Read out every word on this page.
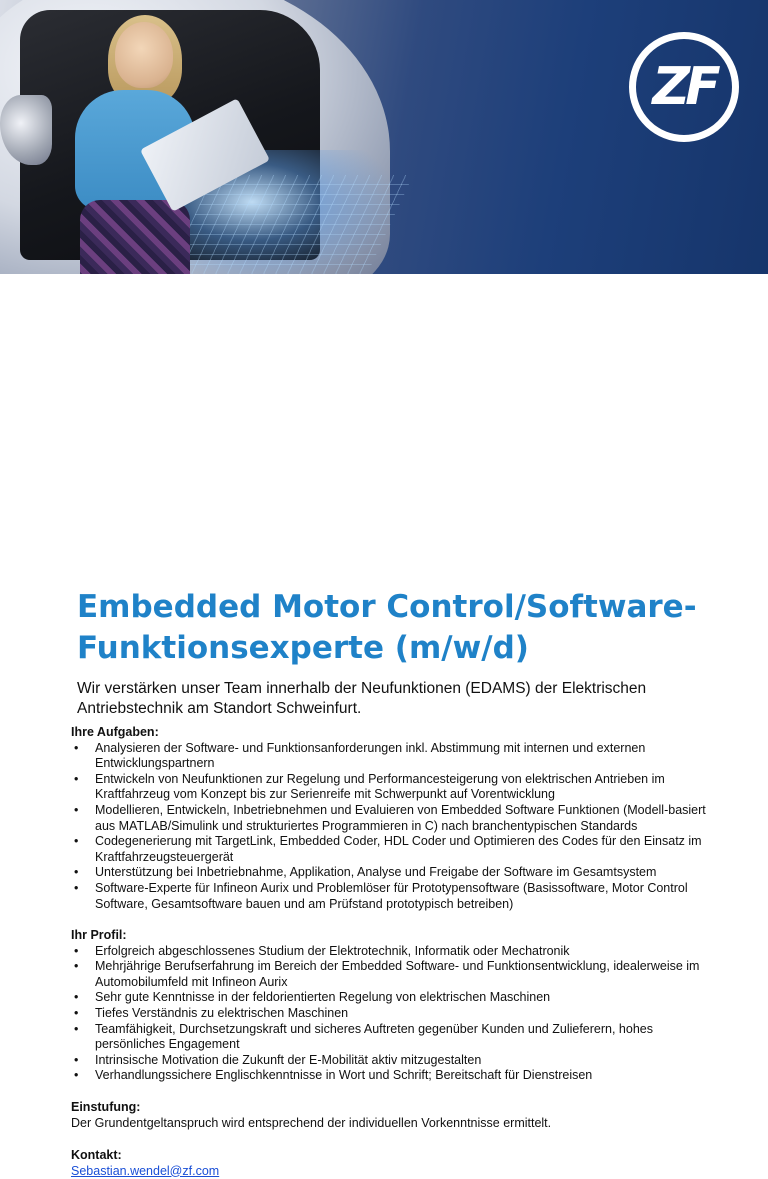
ZF
Embedded Motor Control/Software-Funktionsexperte (m/w/d)

Wir verstärken unser Team innerhalb der Neufunktionen (EDAMS) der Elektrischen Antriebstechnik am Standort Schweinfurt.

Ihre Aufgaben:
• Analysieren der Software- und Funktionsanforderungen inkl. Abstimmung mit internen und externen Entwicklungspartnern
• Entwickeln von Neufunktionen zur Regelung und Performancesteigerung von elektrischen Antrieben im Kraftfahrzeug vom Konzept bis zur Serienreife mit Schwerpunkt auf Vorentwicklung
• Modellieren, Entwickeln, Inbetriebnehmen und Evaluieren von Embedded Software Funktionen (Modell-basiert aus MATLAB/Simulink und strukturiertes Programmieren in C) nach branchentypischen Standards
• Codegenerierung mit TargetLink, Embedded Coder, HDL Coder und Optimieren des Codes für den Einsatz im Kraftfahrzeugsteuergerät
• Unterstützung bei Inbetriebnahme, Applikation, Analyse und Freigabe der Software im Gesamtsystem
• Software-Experte für Infineon Aurix und Problemlöser für Prototypensoftware (Basissoftware, Motor Control Software, Gesamtsoftware bauen und am Prüfstand prototypisch betreiben)
Ihr Profil:
• Erfolgreich abgeschlossenes Studium der Elektrotechnik, Informatik oder Mechatronik
• Mehrjährige Berufserfahrung im Bereich der Embedded Software- und Funktionsentwicklung, idealerweise im Automobilumfeld mit Infineon Aurix
• Sehr gute Kenntnisse in der feldorientierten Regelung von elektrischen Maschinen
• Tiefes Verständnis zu elektrischen Maschinen
• Teamfähigkeit, Durchsetzungskraft und sicheres Auftreten gegenüber Kunden und Zulieferern, hohes persönliches Engagement
• Intrinsische Motivation die Zukunft der E-Mobilität aktiv mitzugestalten
• Verhandlungssichere Englischkenntnisse in Wort und Schrift; Bereitschaft für Dienstreisen
Einstufung:

Der Grundentgeltanspruch wird entsprechend der individuellen Vorkenntnisse ermittelt.

Kontakt:
Sebastian.wendel@zf.com
